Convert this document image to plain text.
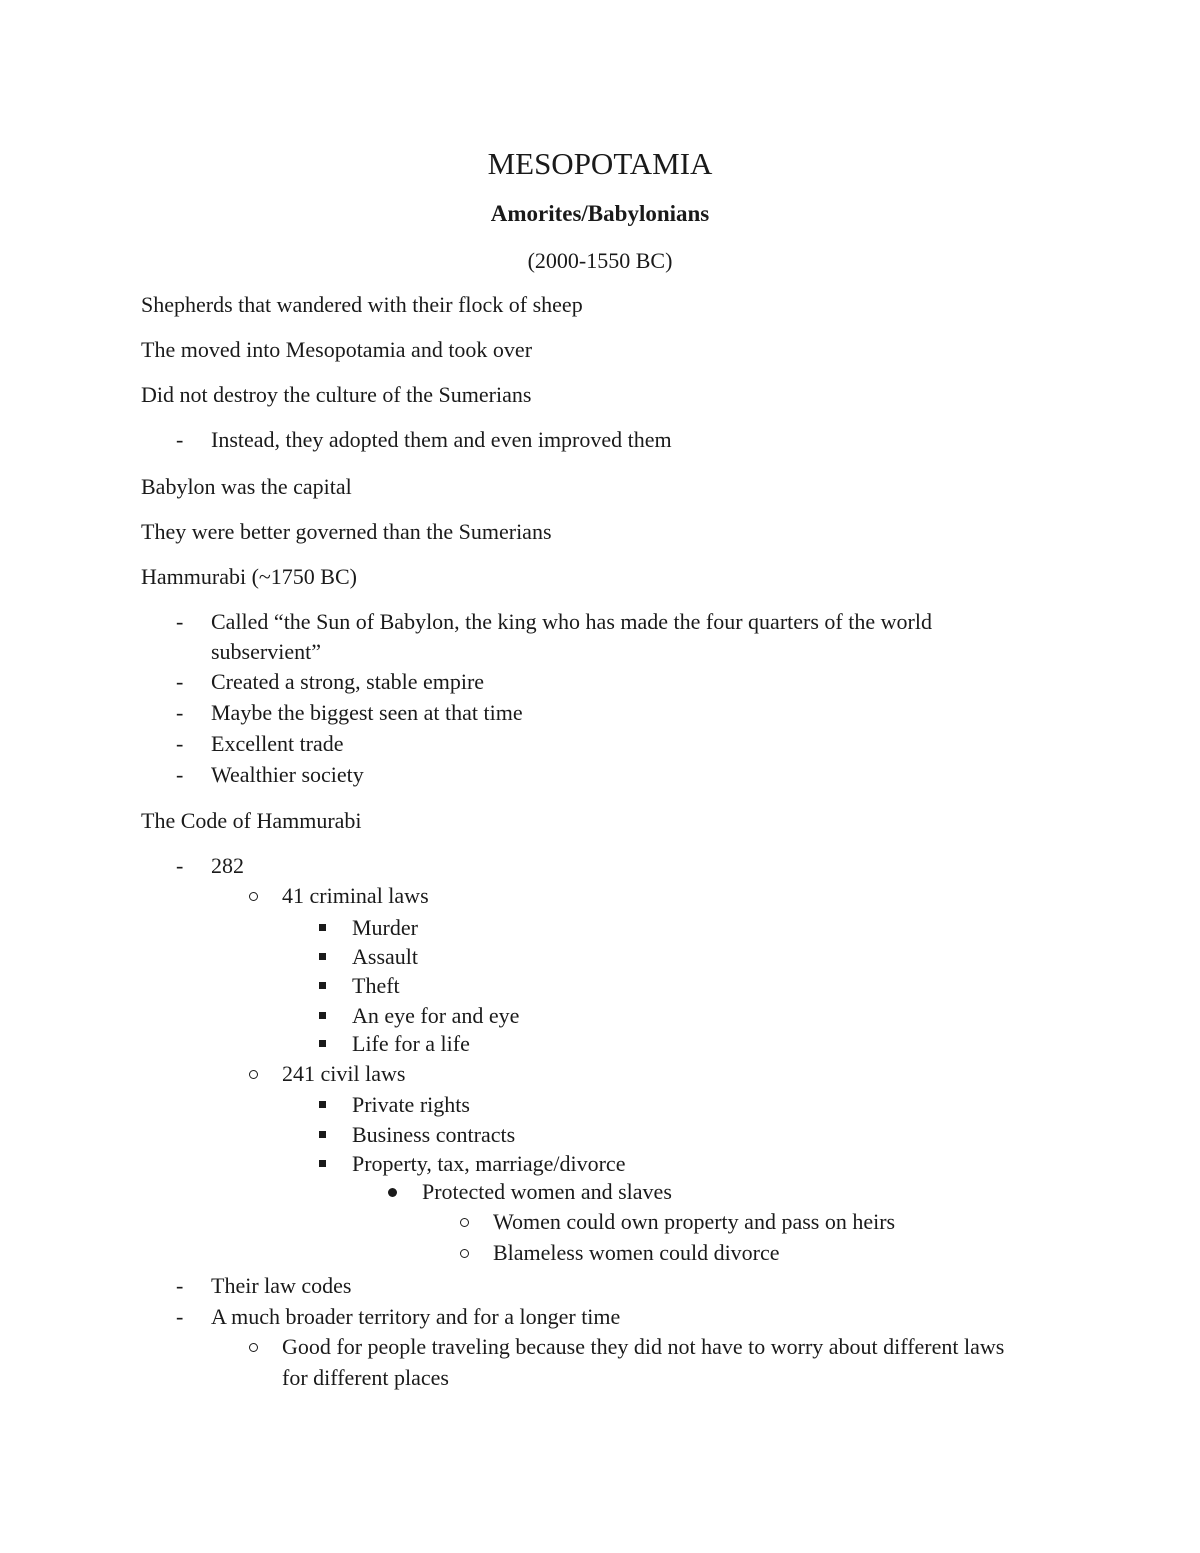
MESOPOTAMIA
Amorites/Babylonians

(2000-1550 BC)

Shepherds that wandered with their flock of sheep

The moved into Mesopotamia and took over

Did not destroy the culture of the Sumerians

- Instead, they adopted them and even improved them

Babylon was the capital

They were better governed than the Sumerians

Hammurabi (~1750 BC)

- Called “the Sun of Babylon, the king who has made the four quarters of the world

subservient”

- Created a strong, stable empire

- Maybe the biggest seen at that time

- Excellent trade

- Wealthier society

The Code of Hammurabi

- 282

41 criminal laws

Murder

Assault

Theft

An eye for and eye

Life for a life

241 civil laws

Private rights

Business contracts

Property, tax, marriage/divorce

Protected women and slaves

Women could own property and pass on heirs

Blameless women could divorce

- Their law codes

- A much broader territory and for a longer time

Good for people traveling because they did not have to worry about different laws

for different places
